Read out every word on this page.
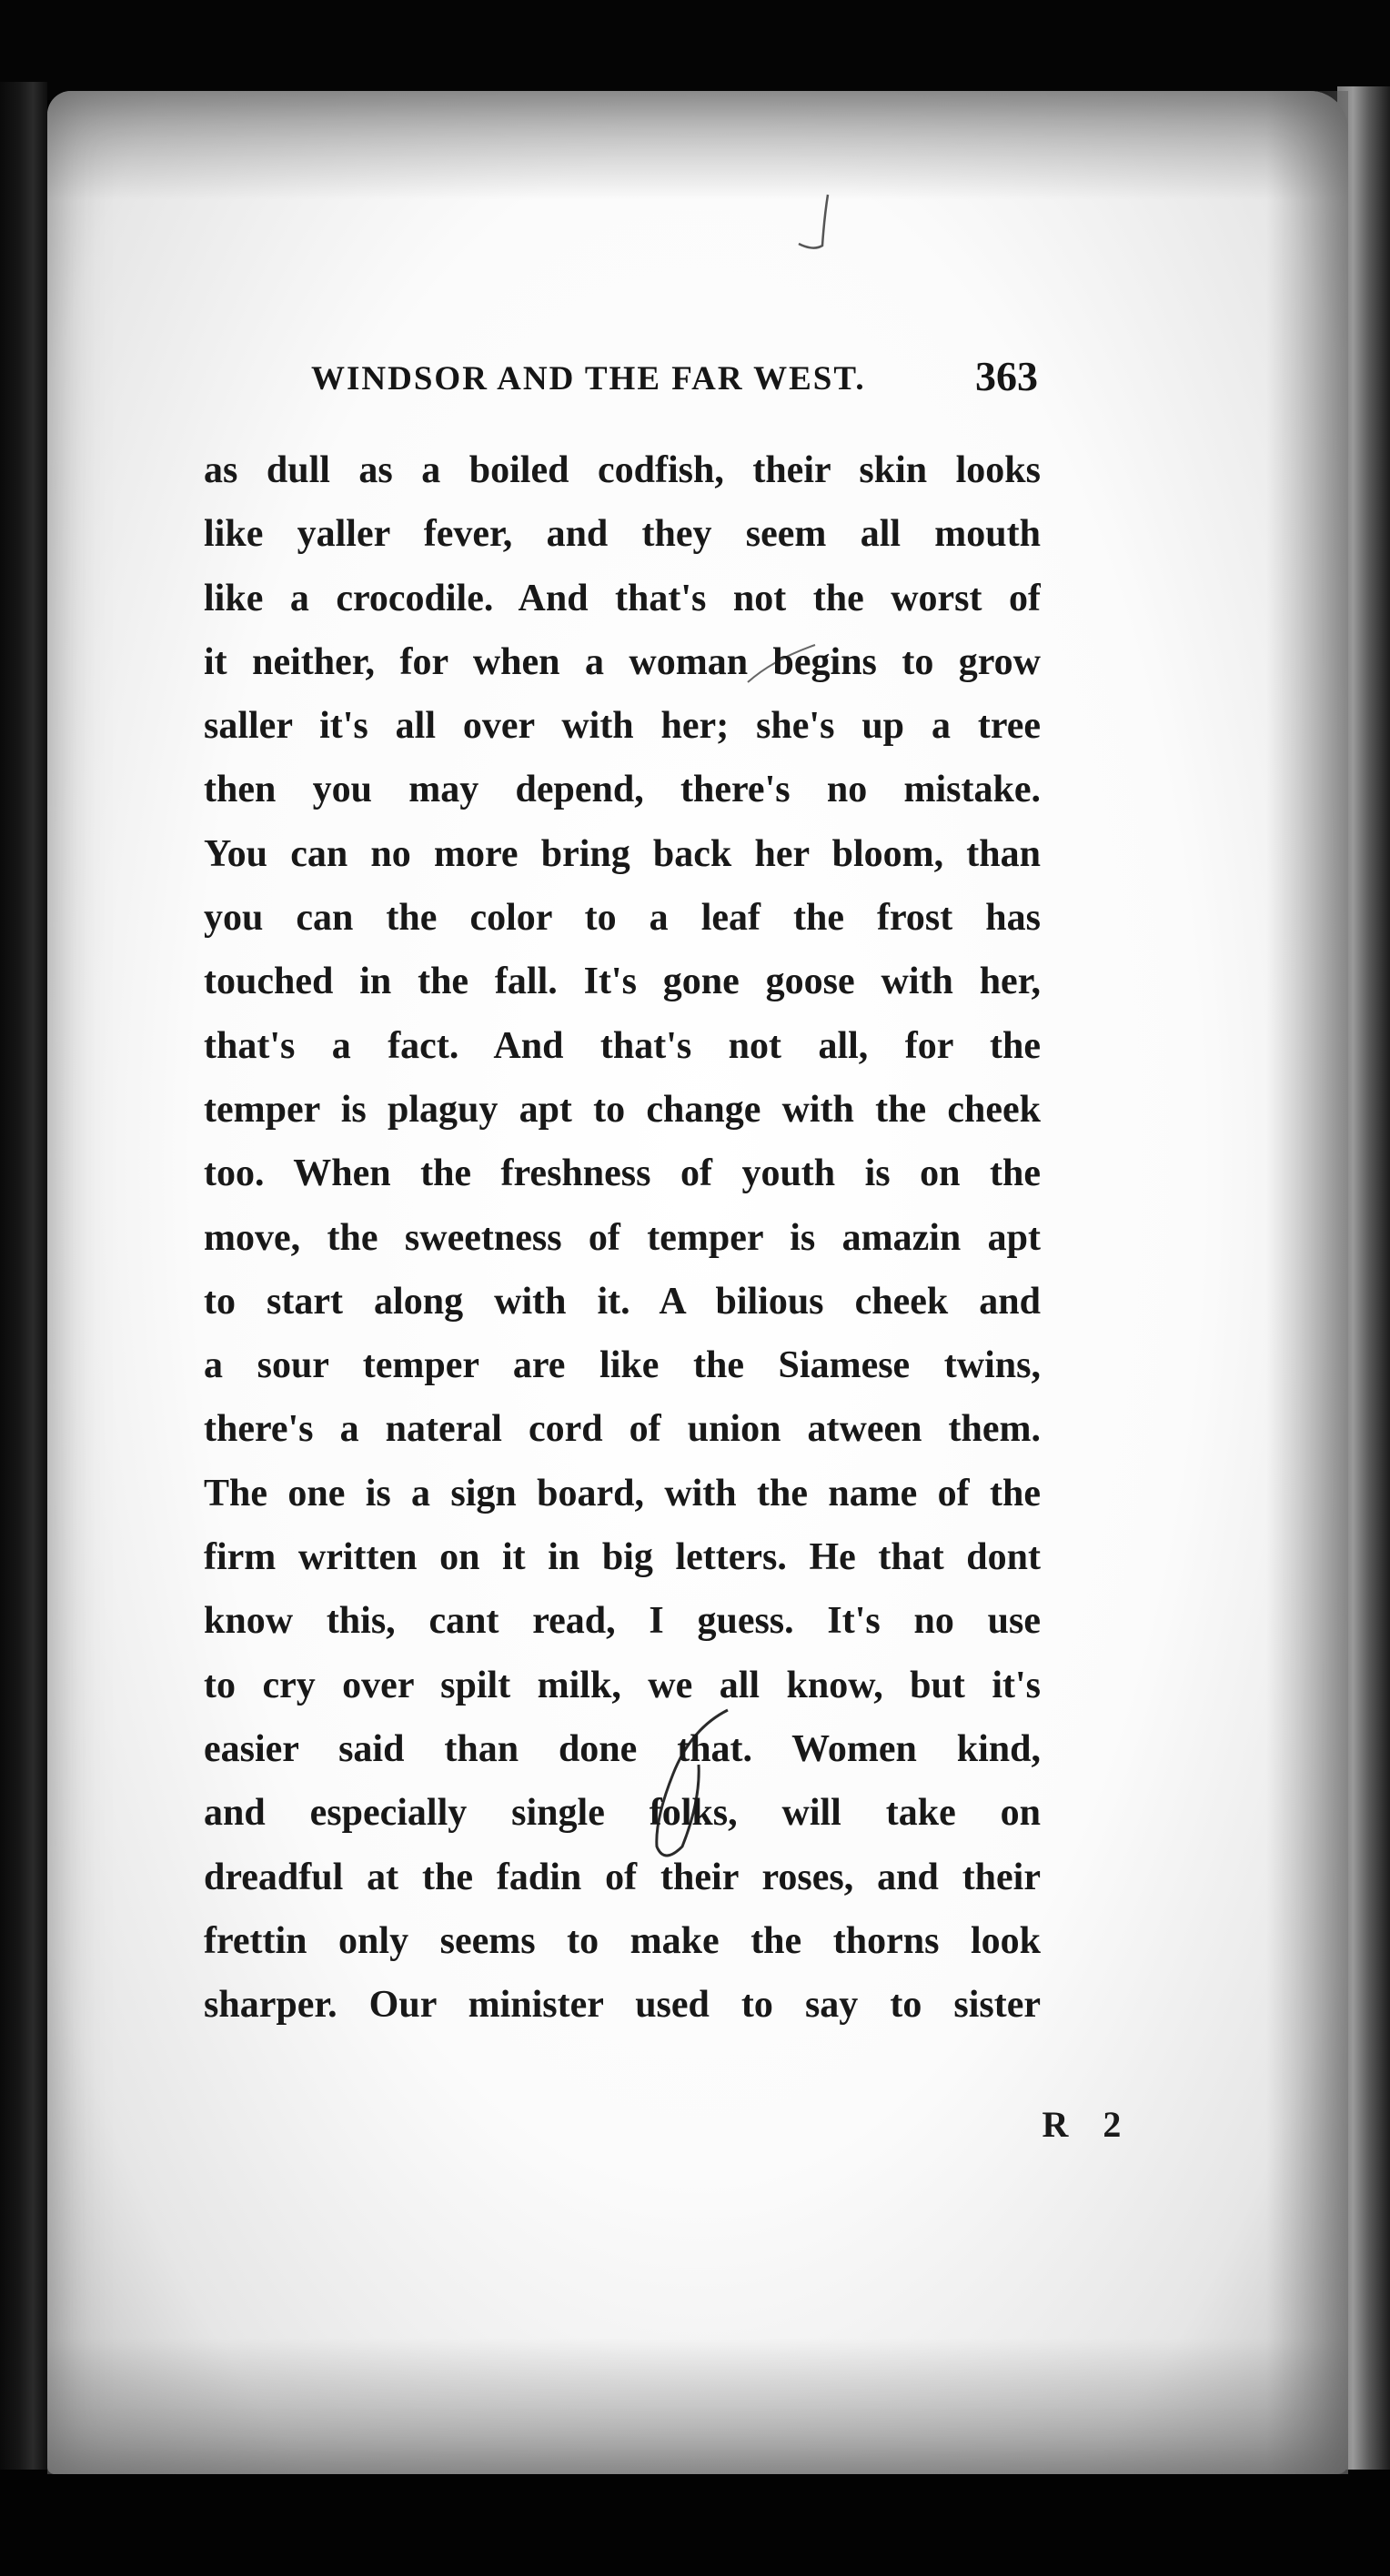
WINDSOR AND THE FAR WEST.	363
as dull as a boiled codfish, their skin looks
like yaller fever, and they seem all mouth
like a crocodile. And that's not the worst of
it neither, for when a woman begins to grow
saller it's all over with her; she's up a tree
then you may depend, there's no mistake.
You can no more bring back her bloom, than
you can the color to a leaf the frost has
touched in the fall. It's gone goose with her,
that's a fact. And that's not all, for the
temper is plaguy apt to change with the cheek
too. When the freshness of youth is on the
move, the sweetness of temper is amazin apt
to start along with it. A bilious cheek and
a sour temper are like the Siamese twins,
there's a nateral cord of union atween them.
The one is a sign board, with the name of the
firm written on it in big letters. He that dont
know this, cant read, I guess. It's no use
to cry over spilt milk, we all know, but it's
easier said than done that. Women kind,
and especially single folks, will take on
dreadful at the fadin of their roses, and their
frettin only seems to make the thorns look
sharper. Our minister used to say to sister
R 2
